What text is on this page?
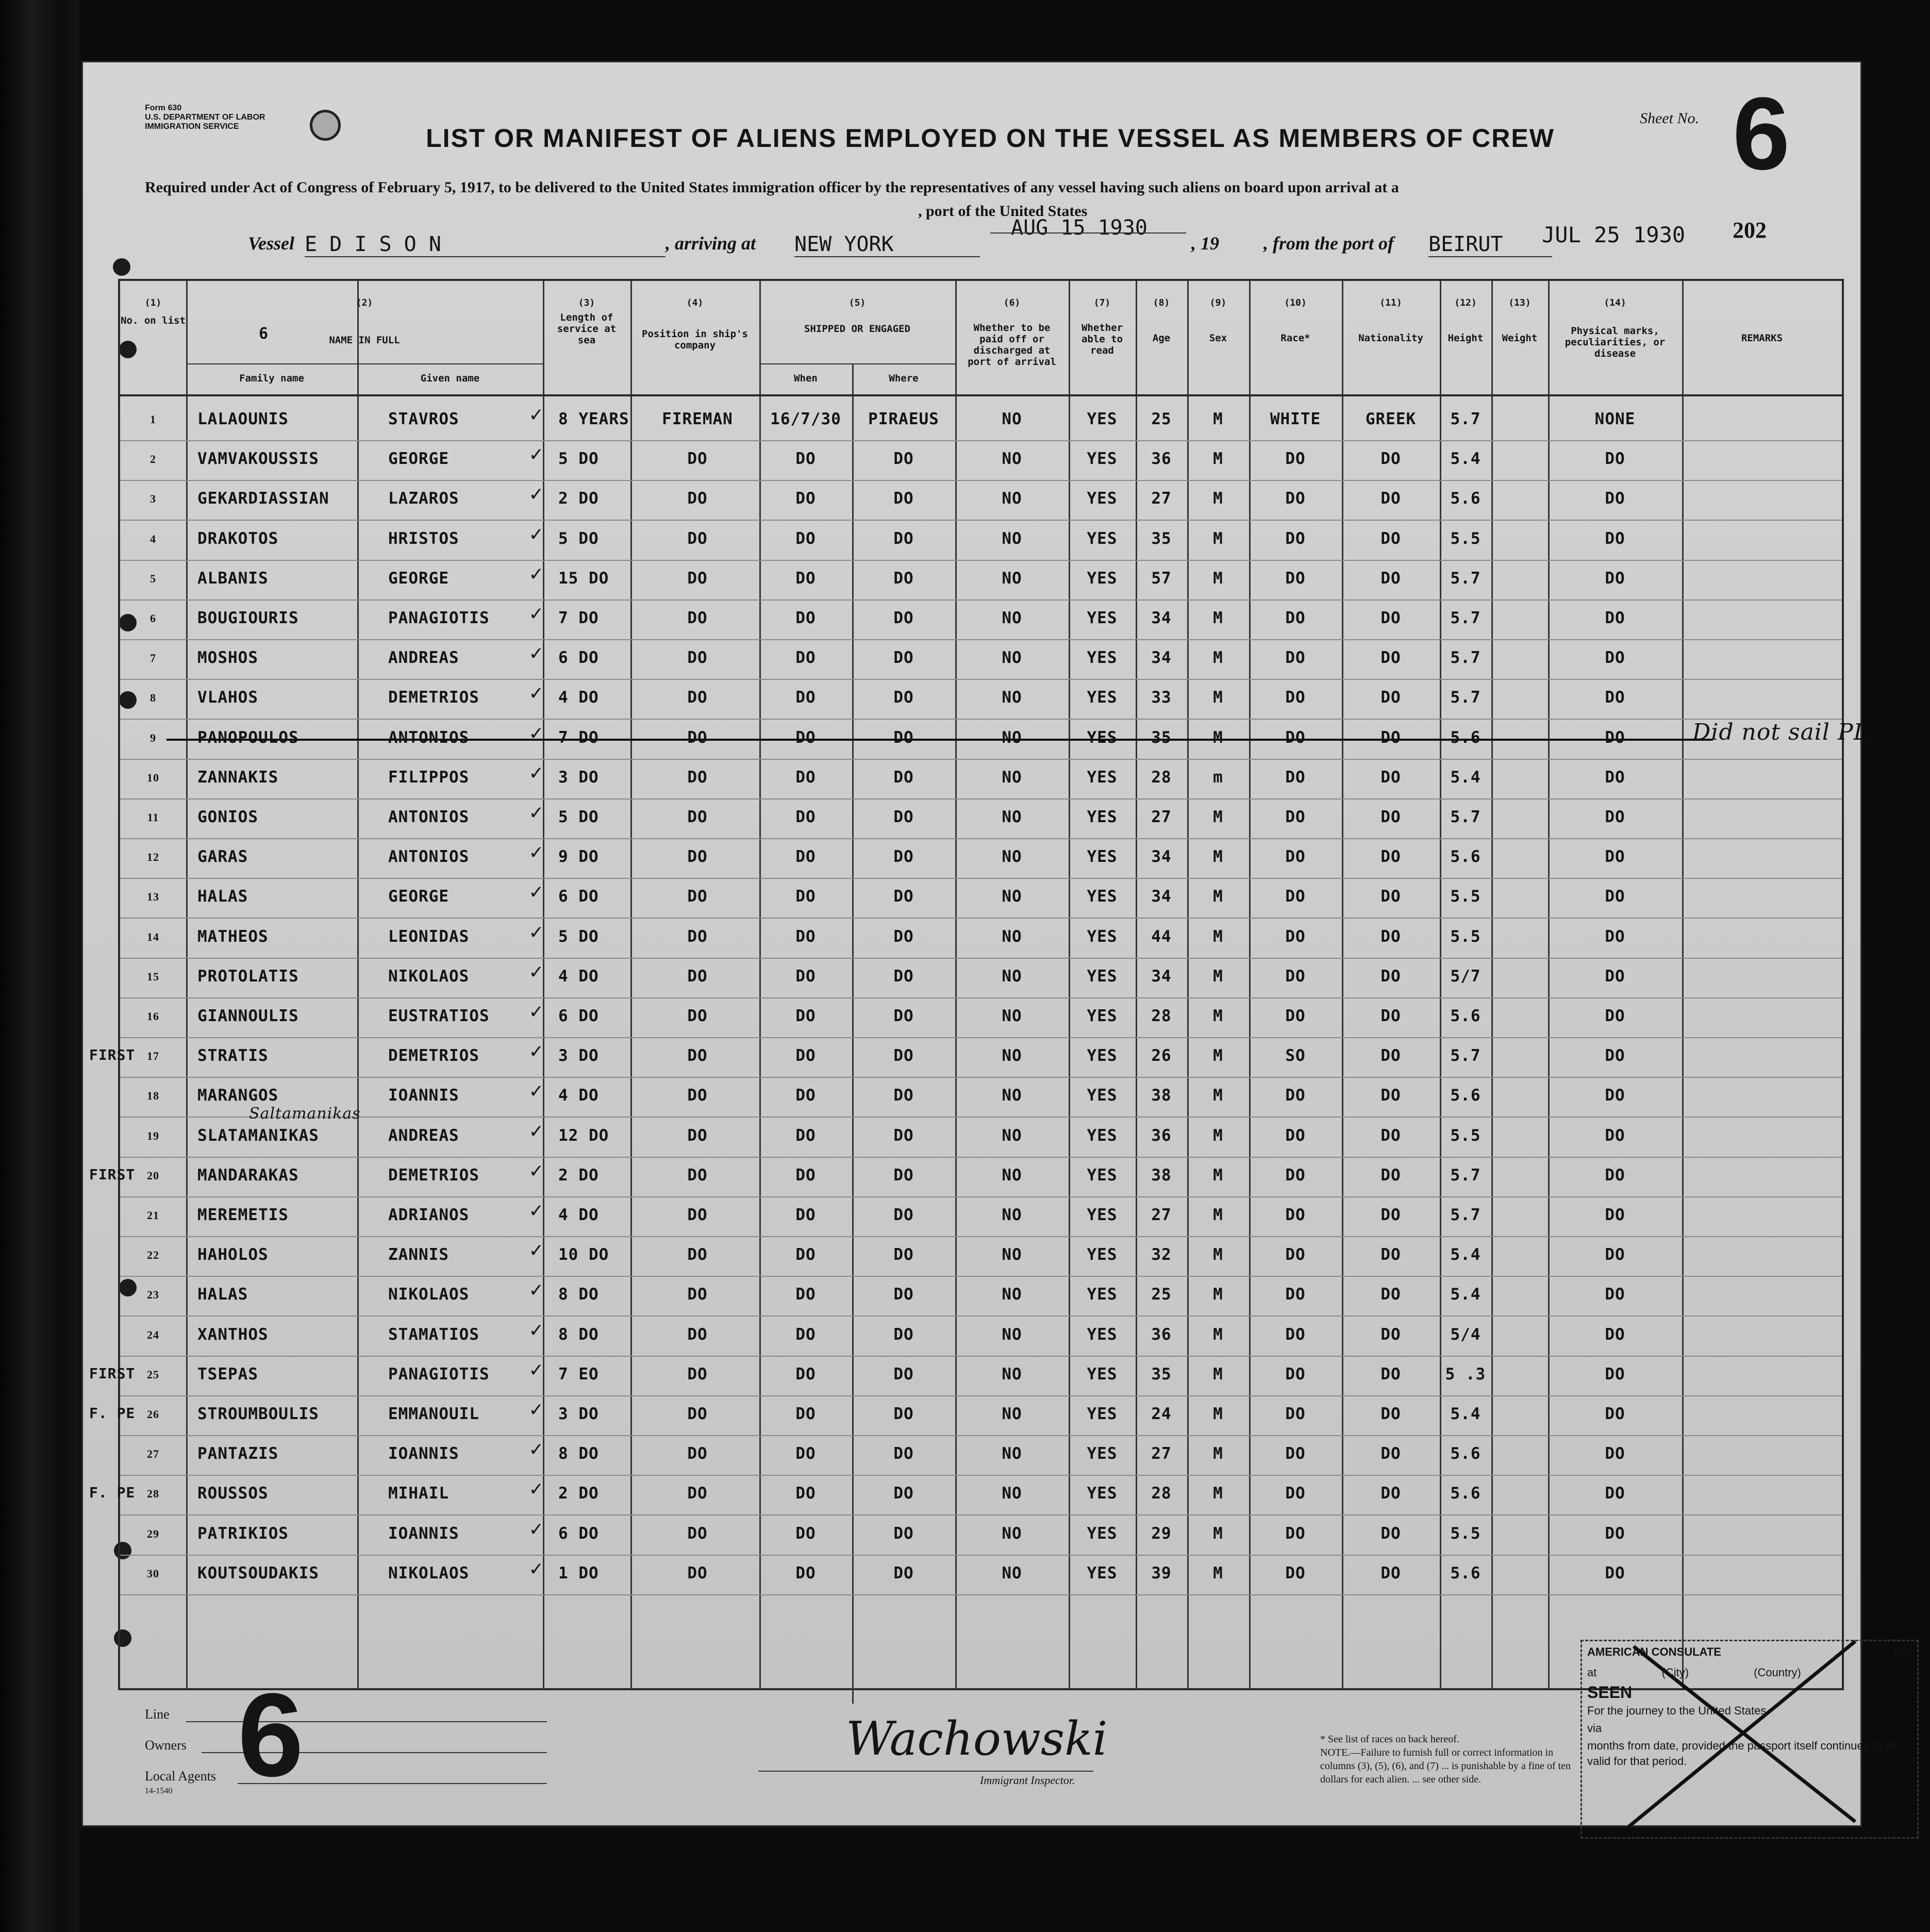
Form 630
U.S. DEPARTMENT OF LABOR
IMMIGRATION SERVICE	LIST OR MANIFEST OF ALIENS EMPLOYED ON THE VESSEL AS MEMBERS OF CREW
Sheet No. 6
Required under Act of Congress of February 5, 1917, to be delivered to the United States immigration officer by the representatives of any vessel having such aliens on board upon arrival at a
, port of the United States
202
Vessel E D I S O N	, arriving at NEW YORK
AUG 15 1930
, 19 , from the port of BEIRUT	JUL 25 1930
(1)
No. on list
(2)
6	NAME IN FULL
Family name	Given name
(3)
Length of service at sea
(4)
Position in ship's company
(5)
SHIPPED OR ENGAGED
When	Where
(6)
Whether to be paid off or discharged at port of arrival
(7)
Whether able to read
(8)
Age
(9)
Sex
(10)
Race*
(11)
Nationality
(12)
Height
(13)
Weight
(14)
Physical marks, peculiarities, or disease
REMARKS
1	LALAOUNIS	STAVROS	8 YEARS	FIREMAN	16/7/30	PIRAEUS	NO	YES	25	M	WHITE	GREEK	5.7	NONE
✓
2	VAMVAKOUSSIS	GEORGE	5 DO	DO	DO	DO	NO	YES	36	M	DO	DO	5.4	DO
✓
3	GEKARDIASSIAN	LAZAROS	2 DO	DO	DO	DO	NO	YES	27	M	DO	DO	5.6	DO
✓
4	DRAKOTOS	HRISTOS	5 DO	DO	DO	DO	NO	YES	35	M	DO	DO	5.5	DO
✓
5	ALBANIS	GEORGE	15 DO	DO	DO	DO	NO	YES	57	M	DO	DO	5.7	DO
✓
6	BOUGIOURIS	PANAGIOTIS	7 DO	DO	DO	DO	NO	YES	34	M	DO	DO	5.7	DO
✓
7	MOSHOS	ANDREAS	6 DO	DO	DO	DO	NO	YES	34	M	DO	DO	5.7	DO
✓
8	VLAHOS	DEMETRIOS	4 DO	DO	DO	DO	NO	YES	33	M	DO	DO	5.7	DO
✓
9	PANOPOULOS	ANTONIOS	7 DO	DO	DO	DO	NO	YES	35	M	DO	DO	5.6	DO	Did not sail PL.
✓
10	ZANNAKIS	FILIPPOS	3 DO	DO	DO	DO	NO	YES	28	m	DO	DO	5.4	DO
✓
11	GONIOS	ANTONIOS	5 DO	DO	DO	DO	NO	YES	27	M	DO	DO	5.7	DO
✓
12	GARAS	ANTONIOS	9 DO	DO	DO	DO	NO	YES	34	M	DO	DO	5.6	DO
✓
13	HALAS	GEORGE	6 DO	DO	DO	DO	NO	YES	34	M	DO	DO	5.5	DO
✓
14	MATHEOS	LEONIDAS	5 DO	DO	DO	DO	NO	YES	44	M	DO	DO	5.5	DO
✓
15	PROTOLATIS	NIKOLAOS	4 DO	DO	DO	DO	NO	YES	34	M	DO	DO	5/7	DO
✓
16	GIANNOULIS	EUSTRATIOS	6 DO	DO	DO	DO	NO	YES	28	M	DO	DO	5.6	DO
✓
17	STRATIS	DEMETRIOS	3 DO	DO	DO	DO	NO	YES	26	M	SO	DO	5.7	DO
FIRST	✓
18	MARANGOS	IOANNIS	4 DO	DO	DO	DO	NO	YES	38	M	DO	DO	5.6	DO
✓
19	SLATAMANIKAS	ANDREAS	12 DO	DO	DO	DO	NO	YES	36	M	DO	DO	5.5	DO
Saltamanikas
✓
20	MANDARAKAS	DEMETRIOS	2 DO	DO	DO	DO	NO	YES	38	M	DO	DO	5.7	DO
FIRST	✓
21	MEREMETIS	ADRIANOS	4 DO	DO	DO	DO	NO	YES	27	M	DO	DO	5.7	DO
✓
22	HAHOLOS	ZANNIS	10 DO	DO	DO	DO	NO	YES	32	M	DO	DO	5.4	DO
✓
23	HALAS	NIKOLAOS	8 DO	DO	DO	DO	NO	YES	25	M	DO	DO	5.4	DO
✓
24	XANTHOS	STAMATIOS	8 DO	DO	DO	DO	NO	YES	36	M	DO	DO	5/4	DO
✓
25	TSEPAS	PANAGIOTIS	7 EO	DO	DO	DO	NO	YES	35	M	DO	DO	5 .3	DO
FIRST	✓
26	STROUMBOULIS	EMMANOUIL	3 DO	DO	DO	DO	NO	YES	24	M	DO	DO	5.4	DO
F. PE	✓
27	PANTAZIS	IOANNIS	8 DO	DO	DO	DO	NO	YES	27	M	DO	DO	5.6	DO
✓
28	ROUSSOS	MIHAIL	2 DO	DO	DO	DO	NO	YES	28	M	DO	DO	5.6	DO
F. PE	✓
29	PATRIKIOS	IOANNIS	6 DO	DO	DO	DO	NO	YES	29	M	DO	DO	5.5	DO
✓
30	KOUTSOUDAKIS	NIKOLAOS	1 DO	DO	DO	DO	NO	YES	39	M	DO	DO	5.6	DO
✓
Line
Owners
Local Agents
14-1540 6	Wachowski
Immigrant Inspector.
* See list of races on back hereof.
NOTE.—Failure to furnish full or correct information in columns (3), (5), (6), and (7) ... is punishable by a fine of ten dollars for each alien. ... see other side.
AMERICAN CONSULATE	No.
at	(City)	(Country)
SEEN
For the journey to the United States
via
months from date, provided the passport itself continues to be valid for that period.
